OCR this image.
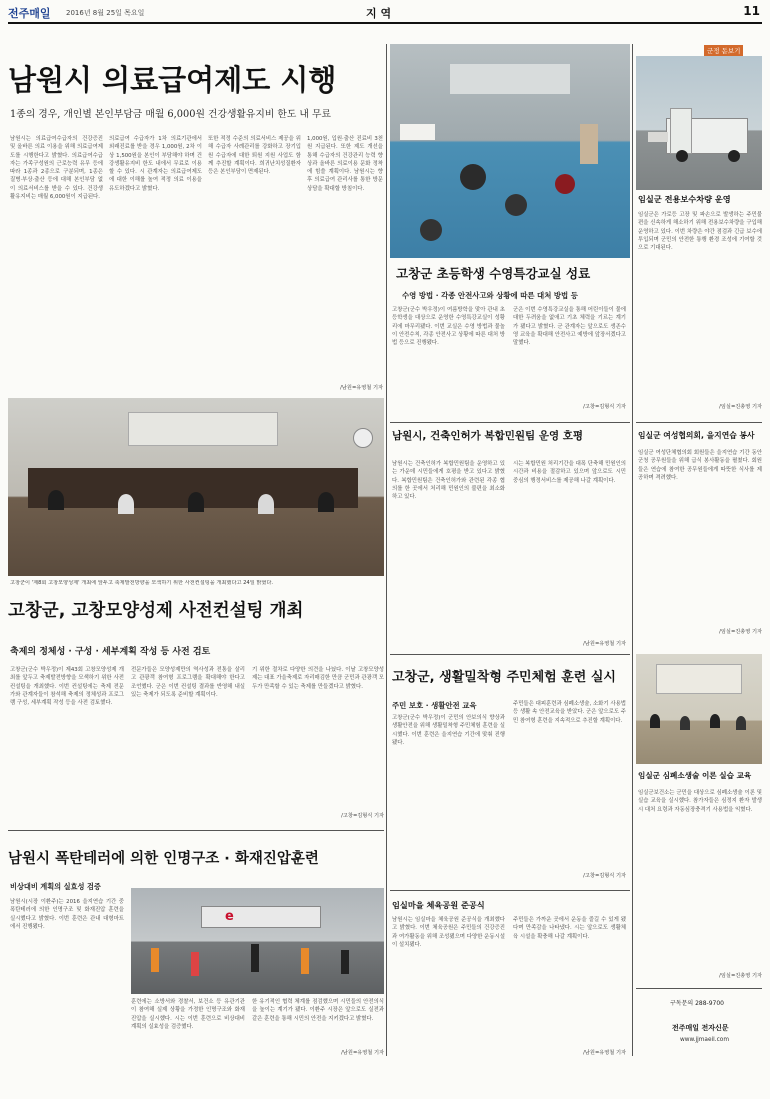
전주매일 2016년 8월 25일 목요일	지 역	11
남원시 의료급여제도 시행
1종의 경우, 개인별 본인부담금 매월 6,000원 건강생활유지비 한도 내 무료
남원시는 의료급여수급자의 건강증진 및 올바른 의료 이용을 위해 의료급여제도를 시행한다고 밝혔다. 의료급여수급자는 가족구성원의 근로능력 유무 등에 따라 1종과 2종으로 구분되며, 1종은 질병·부상·출산 등에 대해 본인부담 없이 의료서비스를 받을 수 있다. 건강생활유지비는 매월 6,000원이 지급된다.
의료급여 수급자가 1차 의료기관에서 외래진료를 받을 경우 1,000원, 2차 이상 1,500원을 본인이 부담해야 하며 건강생활유지비 한도 내에서 무료로 이용할 수 있다. 시 관계자는 의료급여제도에 대한 이해를 높여 적정 의료 이용을 유도하겠다고 밝혔다.
또한 적정 수준의 의료서비스 제공을 위해 수급자 사례관리를 강화하고 장기입원 수급자에 대한 퇴원 지원 사업도 함께 추진할 계획이다. 희귀난치성질환자 등은 본인부담이 면제된다.
1,000원, 입원·출산 진료비 3천원 지급된다. 또한 제도 개선을 통해 수급자의 건강관리 능력 향상과 올바른 의료이용 문화 정착에 힘쓸 계획이다. 남원시는 향후 의료급여 관리사를 통한 방문 상담을 확대할 방침이다.
/남원=유영철 기자
고창군 초등학생 수영특강교실 성료
수영 방법 · 각종 안전사고와 상황에 따른 대처 방법 등
고창군(군수 박우정)이 여름방학을 맞아 관내 초등학생을 대상으로 운영한 수영특강교실이 성황리에 마무리됐다. 이번 교실은 수영 방법과 물놀이 안전수칙, 각종 안전사고 상황에 따른 대처 방법 등으로 진행됐다.
군은 이번 수영특강교실을 통해 어린이들이 물에 대한 두려움을 없애고 기초 체력을 기르는 계기가 됐다고 밝혔다. 군 관계자는 앞으로도 생존수영 교육을 확대해 안전사고 예방에 앞장서겠다고 말했다.
/고창=김형식 기자
군정 돋보기
임실군 전용보수차량 운영
임실군은 가로등 고장 및 파손으로 발생하는 주민불편을 신속하게 해소하기 위해 전용보수차량을 구입해 운영하고 있다. 이번 차량은 야간 점검과 긴급 보수에 투입되며 군민의 안전한 통행 환경 조성에 기여할 것으로 기대된다.
/임실=진총영 기자
고창군이 '제8회 고창모양성제' 개최에 앞두고 축제발전방향을 모색하기 위한 사전컨설팅을 개최했다고 24일 밝혔다.
고창군, 고창모양성제 사전컨설팅 개최
축제의 정체성 · 구성 · 세부계획 작성 등 사전 검토
고창군(군수 박우정)이 제43회 고창모양성제 개최를 앞두고 축제발전방향을 모색하기 위한 사전컨설팅을 개최했다. 이번 컨설팅에는 축제 전문가와 관계자들이 참석해 축제의 정체성과 프로그램 구성, 세부계획 작성 등을 사전 검토했다.
전문가들은 모양성제만의 역사성과 전통을 살리고 관광객 참여형 프로그램을 확대해야 한다고 조언했다. 군은 이번 컨설팅 결과를 반영해 내실 있는 축제가 되도록 준비할 계획이다.
기 위한 절차로 다양한 의견을 나눴다. 이날 고창모양성제는 대표 가을축제로 자리매김한 만큼 군민과 관광객 모두가 만족할 수 있는 축제를 만들겠다고 밝혔다.
/고창=김형식 기자
남원시, 건축인허가 복합민원팀 운영 호평
남원시는 건축인허가 복합민원팀을 운영하고 있는 가운데 시민들에게 호평을 받고 있다고 밝혔다. 복합민원팀은 건축인허가와 관련된 각종 협의를 한 곳에서 처리해 민원인의 불편을 최소화하고 있다.
시는 복합민원 처리기간을 대폭 단축해 민원인의 시간과 비용을 절감하고 있으며 앞으로도 시민 중심의 행정서비스를 제공해 나갈 계획이다.
/남원=유영철 기자
임실군 여성협의회, 을지연습 봉사
임실군 여성단체협의회 회원들은 을지연습 기간 동안 군청 공무원들을 위해 급식 봉사활동을 펼쳤다. 회원들은 연습에 참여한 공무원들에게 따뜻한 식사를 제공하며 격려했다.
/임실=진총영 기자
고창군, 생활밀착형 주민체험 훈련 실시
주민 보호 · 생활안전 교육
고창군(군수 박우정)이 군민의 안보의식 향상과 생활안전을 위해 생활밀착형 주민체험 훈련을 실시했다. 이번 훈련은 을지연습 기간에 맞춰 진행됐다.
주민들은 대피훈련과 심폐소생술, 소화기 사용법 등 생활 속 안전교육을 받았다. 군은 앞으로도 주민 참여형 훈련을 지속적으로 추진할 계획이다.
/고창=김형식 기자
임실군 심폐소생술 이론 실습 교육
임실군보건소는 군민을 대상으로 심폐소생술 이론 및 실습 교육을 실시했다. 참가자들은 심정지 환자 발생 시 대처 요령과 자동심장충격기 사용법을 익혔다.
/임실=진총영 기자
남원시 폭탄테러에 의한 인명구조 · 화재진압훈련
비상대비 계획의 실효성 검증
남원시(시장 이환주)는 2016 을지연습 기간 중 폭탄테러에 의한 인명구조 및 화재진압 훈련을 실시했다고 밝혔다. 이번 훈련은 관내 대형마트에서 진행됐다.
e
훈련에는 소방서와 경찰서, 보건소 등 유관기관이 참여해 실제 상황을 가정한 인명구조와 화재진압을 실시했다. 시는 이번 훈련으로 비상대비 계획의 실효성을 검증했다.
한 유기적인 협력 체계를 점검했으며 시민들의 안전의식을 높이는 계기가 됐다. 이환주 시장은 앞으로도 실전과 같은 훈련을 통해 시민의 안전을 지키겠다고 밝혔다.
/남원=유영철 기자
임실마을 체육공원 준공식
남원시는 임실마을 체육공원 준공식을 개최했다고 밝혔다. 이번 체육공원은 주민들의 건강증진과 여가활동을 위해 조성됐으며 다양한 운동시설이 설치됐다.
주민들은 가까운 곳에서 운동을 즐길 수 있게 됐다며 만족감을 나타냈다. 시는 앞으로도 생활체육 시설을 확충해 나갈 계획이다.
/남원=유영철 기자
구독문의 288-9700
전주매일 전자신문
www.jjmaeil.com
